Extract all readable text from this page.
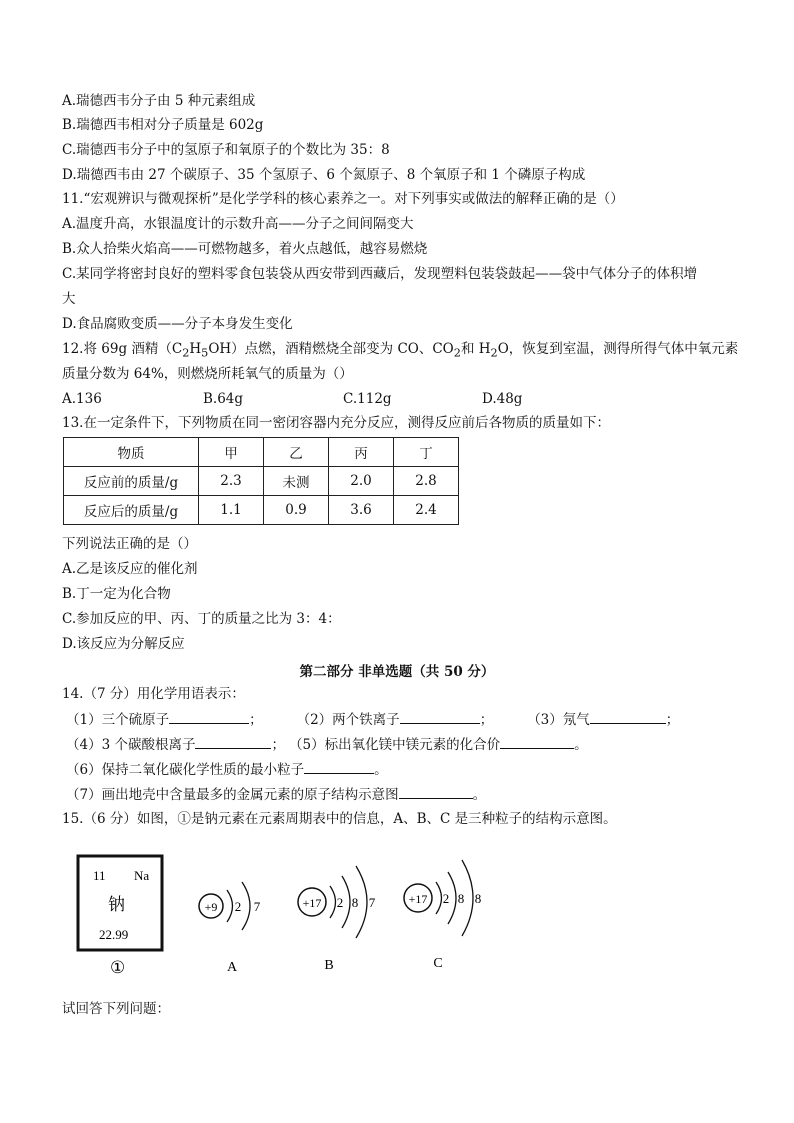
A.瑞德西韦分子由 5 种元素组成
B.瑞德西韦相对分子质量是 602g
C.瑞德西韦分子中的氢原子和氧原子的个数比为 35：8
D.瑞德西韦由 27 个碳原子、35 个氢原子、6 个氮原子、8 个氧原子和 1 个磷原子构成
11.“宏观辨识与微观探析”是化学学科的核心素养之一。对下列事实或做法的解释正确的是（）
A.温度升高，水银温度计的示数升高——分子之间间隔变大
B.众人拾柴火焰高——可燃物越多，着火点越低，越容易燃烧
C.某同学将密封良好的塑料零食包装袋从西安带到西藏后，发现塑料包装袋鼓起——袋中气体分子的体积增
大
D.食品腐败变质——分子本身发生变化
12.将 69g 酒精$(C_2H_5OH)$点燃，酒精燃烧全部变为 CO、$CO_2$和 $H_2O$，恢复到室温，测得所得气体中氧元素
质量分数为 64%，则燃烧所耗氧气的质量为（）
A.136	B.64g	C.112g	D.48g
13.在一定条件下，下列物质在同一密闭容器内充分反应，测得反应前后各物质的质量如下：
物质	甲	乙	丙	丁
反应前的质量/g	2.3	未测	2.0	2.8
反应后的质量/g	1.1	0.9	3.6	2.4
下列说法正确的是（）
A.乙是该反应的催化剂
B.丁一定为化合物
C.参加反应的甲、丙、丁的质量之比为 3：4：
D.该反应为分解反应
第二部分 非单选题（共 50 分）
14.（7 分）用化学用语表示：
（1）三个硫原子	；	（2）两个铁离子	；	（3）氖气	；
（4）3 个碳酸根离子	； （5）标出氧化镁中镁元素的化合价	。
（6）保持二氧化碳化学性质的最小粒子	。
（7）画出地壳中含量最多的金属元素的原子结构示意图	。
15.（6 分）如图，①是钠元素在元素周期表中的信息，A、B、C 是三种粒子的结构示意图。
11 Na
钠
22.99
①
+9 2 7
A
+17 2 8 7
B
+17 2 8 8
C
试回答下列问题：
